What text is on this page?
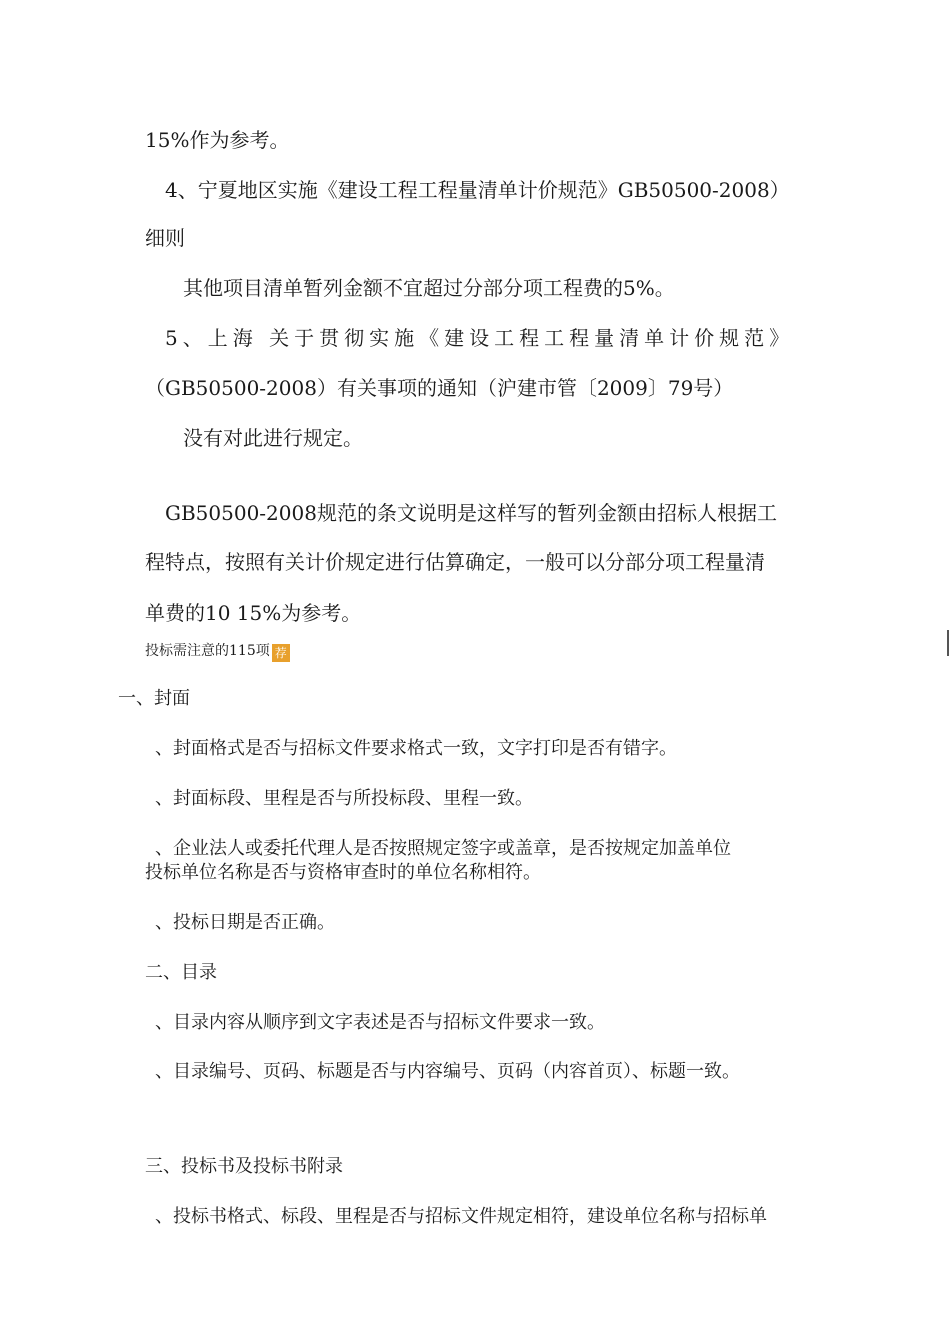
15%作为参考。
4、宁夏地区实施《建设工程工程量清单计价规范》GB50500-2008）
细则
其他项目清单暂列金额不宜超过分部分项工程费的5%。
5、上海 关于贯彻实施《建设工程工程量清单计价规范》
（GB50500-2008）有关事项的通知（沪建市管〔2009〕79号）
没有对此进行规定。
GB50500-2008规范的条文说明是这样写的暂列金额由招标人根据工
程特点，按照有关计价规定进行估算确定，一般可以分部分项工程量清
单费的10 15%为参考。
投标需注意的115项 荐
一、封面
、封面格式是否与招标文件要求格式一致，文字打印是否有错字。
、封面标段、里程是否与所投标段、里程一致。
、企业法人或委托代理人是否按照规定签字或盖章，是否按规定加盖单位
投标单位名称是否与资格审查时的单位名称相符。
、投标日期是否正确。
二、目录
、目录内容从顺序到文字表述是否与招标文件要求一致。
、目录编号、页码、标题是否与内容编号、页码（内容首页）、标题一致。
三、投标书及投标书附录
、投标书格式、标段、里程是否与招标文件规定相符，建设单位名称与招标单
